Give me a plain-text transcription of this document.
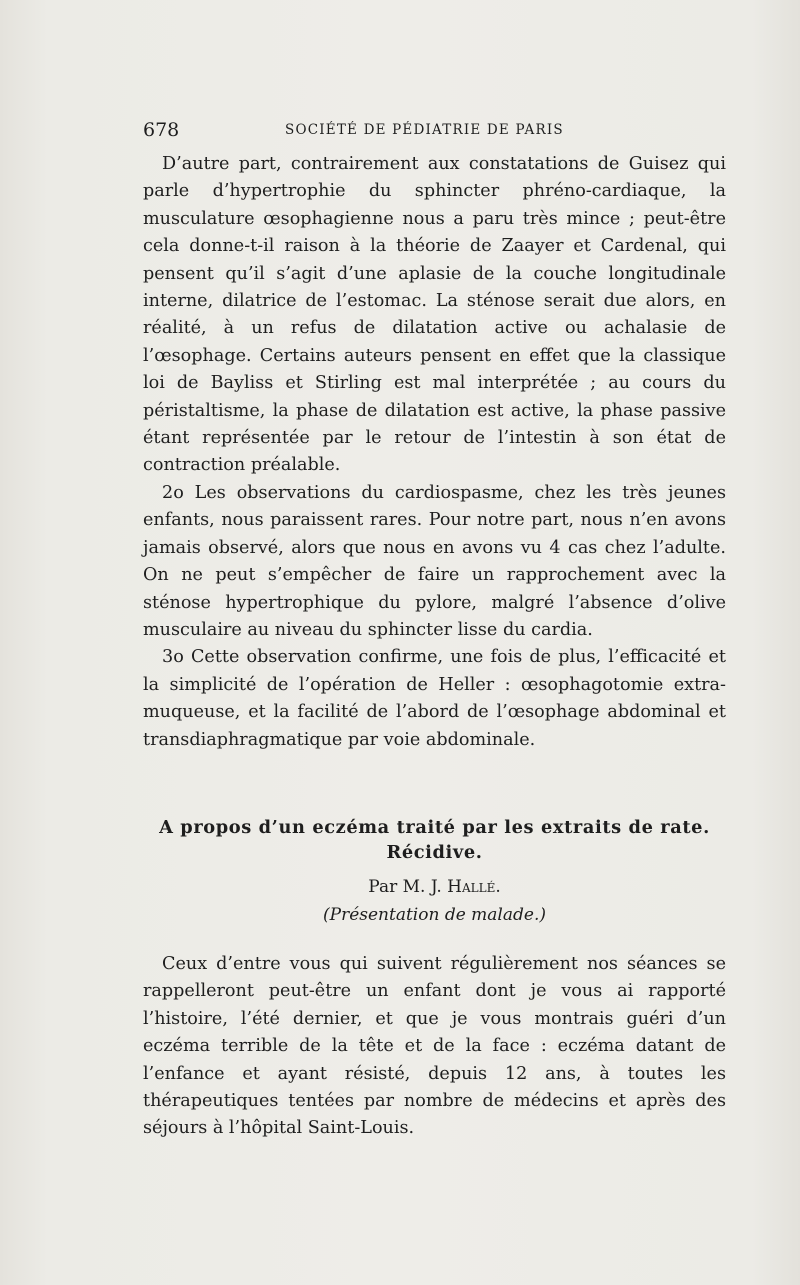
678	SOCIÉTÉ DE PÉDIATRIE DE PARIS

D’autre part, contrairement aux constatations de Guisez qui parle d’hypertrophie du sphincter phréno-cardiaque, la musculature œsophagienne nous a paru très mince ; peut-être cela donne-t-il raison à la théorie de Zaayer et Cardenal, qui pensent qu’il s’agit d’une aplasie de la couche longitudinale interne, dilatrice de l’estomac. La sténose serait due alors, en réalité, à un refus de dilatation active ou achalasie de l’œsophage. Certains auteurs pensent en effet que la classique loi de Bayliss et Stirling est mal interprétée ; au cours du péristaltisme, la phase de dilatation est active, la phase passive étant représentée par le retour de l’intestin à son état de contraction préalable.

2o Les observations du cardiospasme, chez les très jeunes enfants, nous paraissent rares. Pour notre part, nous n’en avons jamais observé, alors que nous en avons vu 4 cas chez l’adulte. On ne peut s’empêcher de faire un rapprochement avec la sténose hypertrophique du pylore, malgré l’absence d’olive musculaire au niveau du sphincter lisse du cardia.

3o Cette observation confirme, une fois de plus, l’efficacité et la simplicité de l’opération de Heller : œsophagotomie extra-muqueuse, et la facilité de l’abord de l’œsophage abdominal et transdiaphragmatique par voie abdominale.

A propos d’un eczéma traité par les extraits de rate.
Récidive.

Par M. J. Hallé.

(Présentation de malade.)

Ceux d’entre vous qui suivent régulièrement nos séances se rappelleront peut-être un enfant dont je vous ai rapporté l’histoire, l’été dernier, et que je vous montrais guéri d’un eczéma terrible de la tête et de la face : eczéma datant de l’enfance et ayant résisté, depuis 12 ans, à toutes les thérapeutiques tentées par nombre de médecins et après des séjours à l’hôpital Saint-Louis.
